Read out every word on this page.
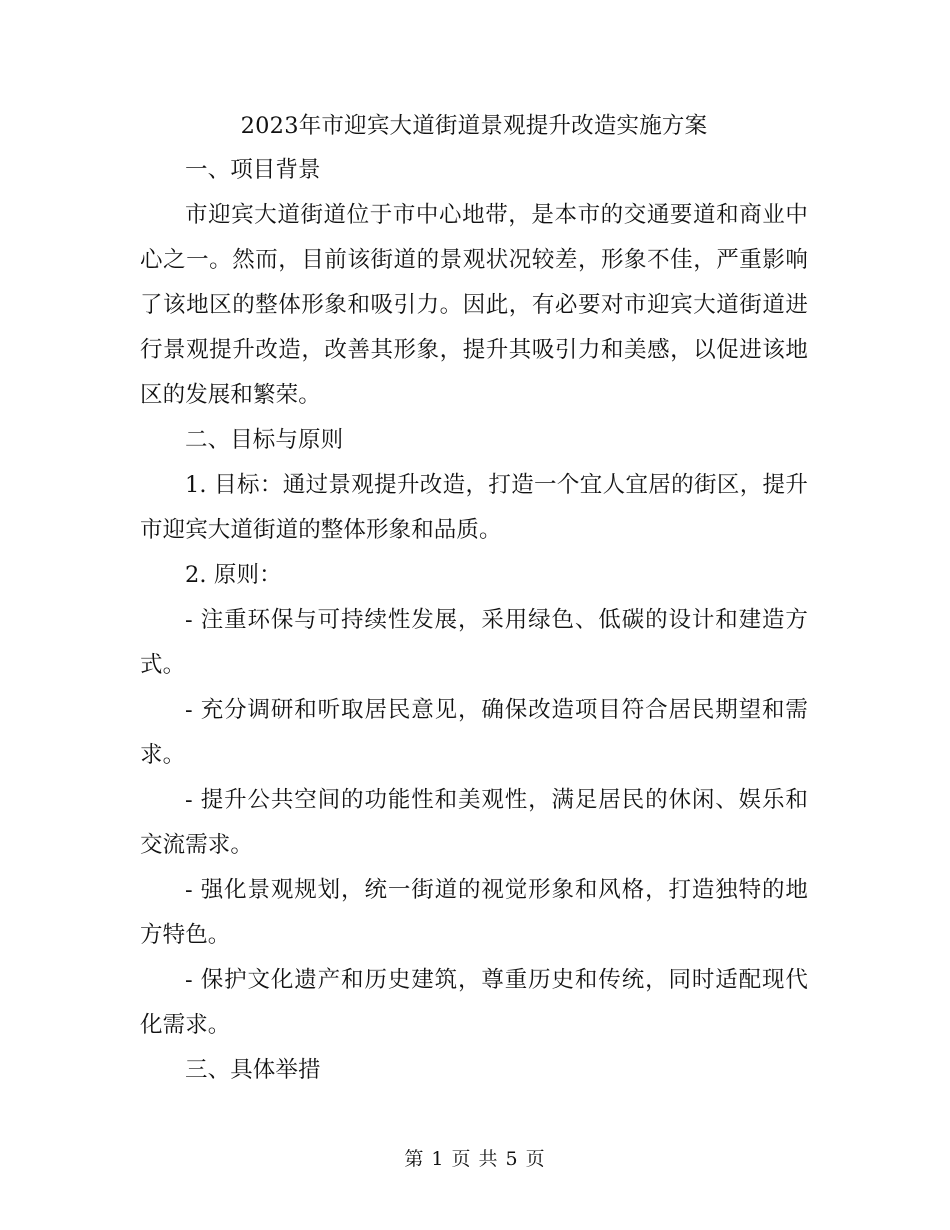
2023年市迎宾大道街道景观提升改造实施方案

一、项目背景

市迎宾大道街道位于市中心地带，是本市的交通要道和商业中心之一。然而，目前该街道的景观状况较差，形象不佳，严重影响了该地区的整体形象和吸引力。因此，有必要对市迎宾大道街道进行景观提升改造，改善其形象，提升其吸引力和美感，以促进该地区的发展和繁荣。

二、目标与原则

1. 目标：通过景观提升改造，打造一个宜人宜居的街区，提升市迎宾大道街道的整体形象和品质。

2. 原则：

- 注重环保与可持续性发展，采用绿色、低碳的设计和建造方式。

- 充分调研和听取居民意见，确保改造项目符合居民期望和需求。

- 提升公共空间的功能性和美观性，满足居民的休闲、娱乐和交流需求。

- 强化景观规划，统一街道的视觉形象和风格，打造独特的地方特色。

- 保护文化遗产和历史建筑，尊重历史和传统，同时适配现代化需求。

三、具体举措

第 1 页 共 5 页
